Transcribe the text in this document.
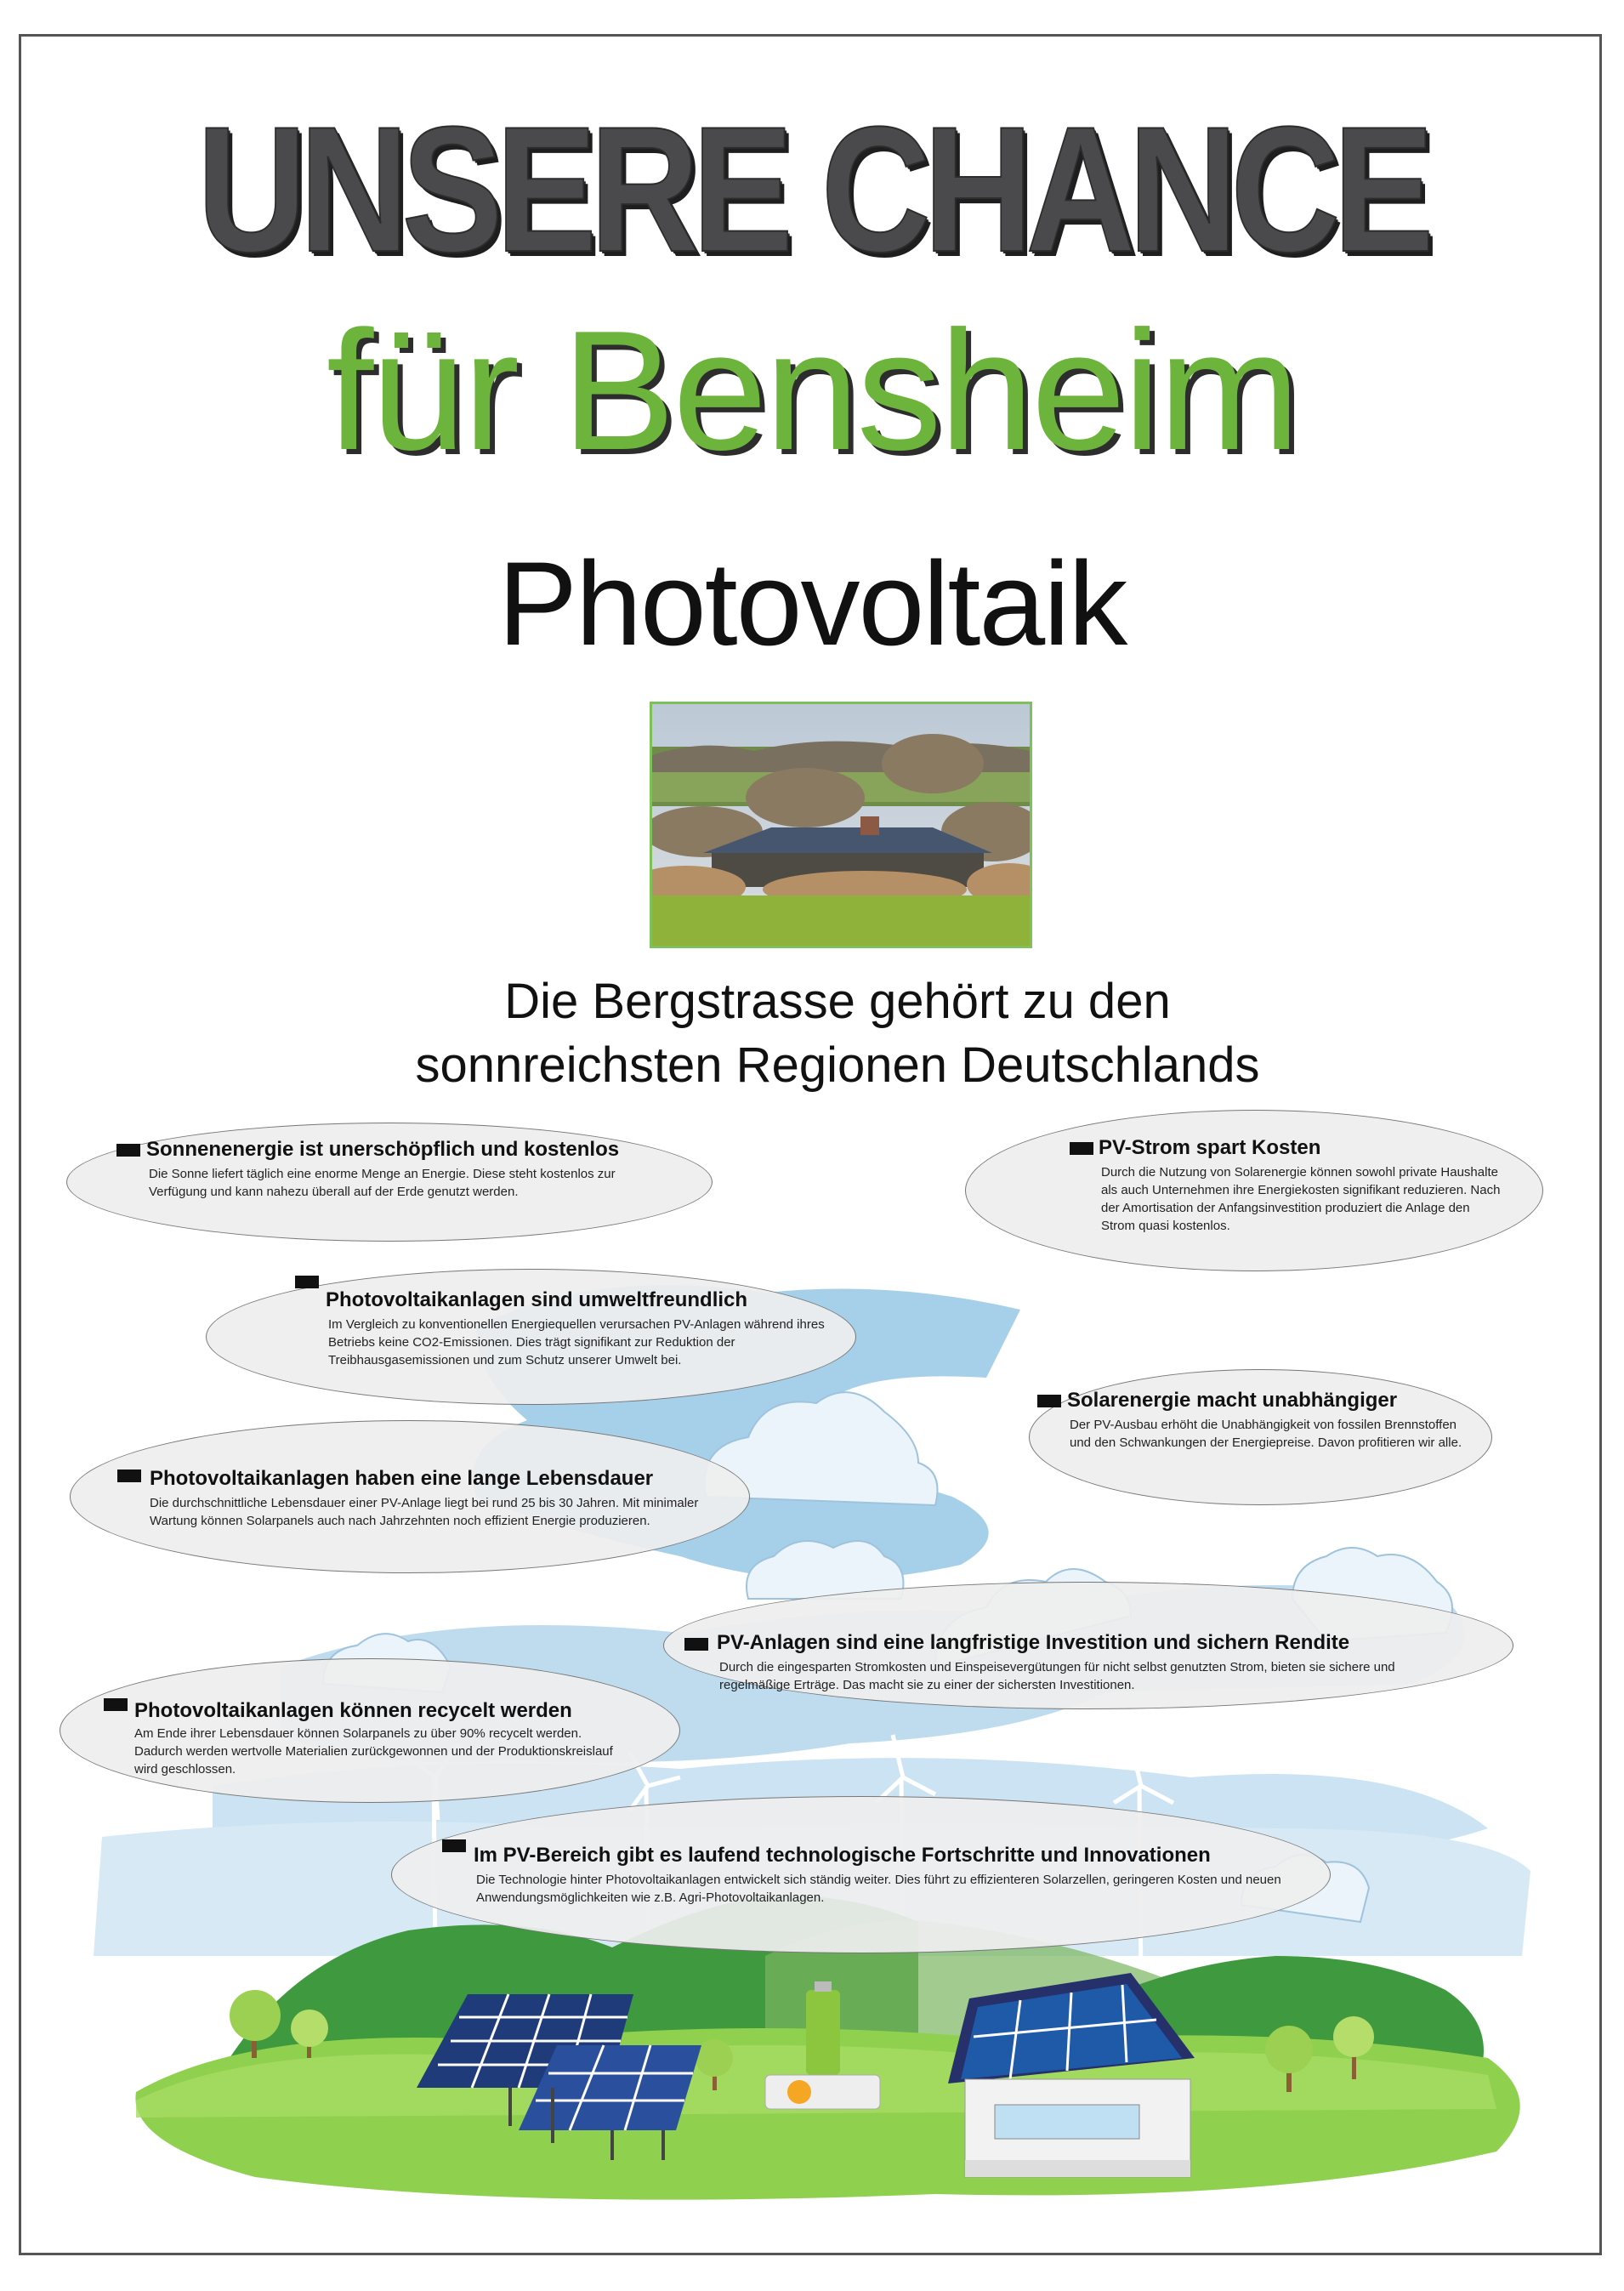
UNSERE CHANCE
für Bensheim
Photovoltaik
Die Bergstrasse gehört zu den
sonnreichsten Regionen Deutschlands
Sonnenenergie ist unerschöpflich und kostenlos
Die Sonne liefert täglich eine enorme Menge an Energie. Diese steht kostenlos zur Verfügung und kann nahezu überall auf der Erde genutzt werden.
PV-Strom spart Kosten
Durch die Nutzung von Solarenergie können sowohl private Haushalte als auch Unternehmen ihre Energiekosten signifikant reduzieren. Nach der Amortisation der Anfangsinvestition produziert die Anlage den Strom quasi kostenlos.
Photovoltaikanlagen sind umweltfreundlich
Im Vergleich zu konventionellen Energiequellen verursachen PV-Anlagen während ihres Betriebs keine CO2-Emissionen. Dies trägt signifikant zur Reduktion der Treibhausgasemissionen und zum Schutz unserer Umwelt bei.
Solarenergie macht unabhängiger
Der PV-Ausbau erhöht die Unabhängigkeit von fossilen Brennstoffen und den Schwankungen der Energiepreise. Davon profitieren wir alle.
Photovoltaikanlagen haben eine lange Lebensdauer
Die durchschnittliche Lebensdauer einer PV-Anlage liegt bei rund 25 bis 30 Jahren. Mit minimaler Wartung können Solarpanels auch nach Jahrzehnten noch effizient Energie produzieren.
PV-Anlagen sind eine langfristige Investition und sichern Rendite
Durch die eingesparten Stromkosten und Einspeisevergütungen für nicht selbst genutzten Strom, bieten sie sichere und regelmäßige Erträge. Das macht sie zu einer der sichersten Investitionen.
Photovoltaikanlagen können recycelt werden
Am Ende ihrer Lebensdauer können Solarpanels zu über 90% recycelt werden. Dadurch werden wertvolle Materialien zurückgewonnen und der Produktionskreislauf wird geschlossen.
Im PV-Bereich gibt es laufend technologische Fortschritte und Innovationen
Die Technologie hinter Photovoltaikanlagen entwickelt sich ständig weiter. Dies führt zu effizienteren Solarzellen, geringeren Kosten und neuen Anwendungsmöglichkeiten wie z.B. Agri-Photovoltaikanlagen.
